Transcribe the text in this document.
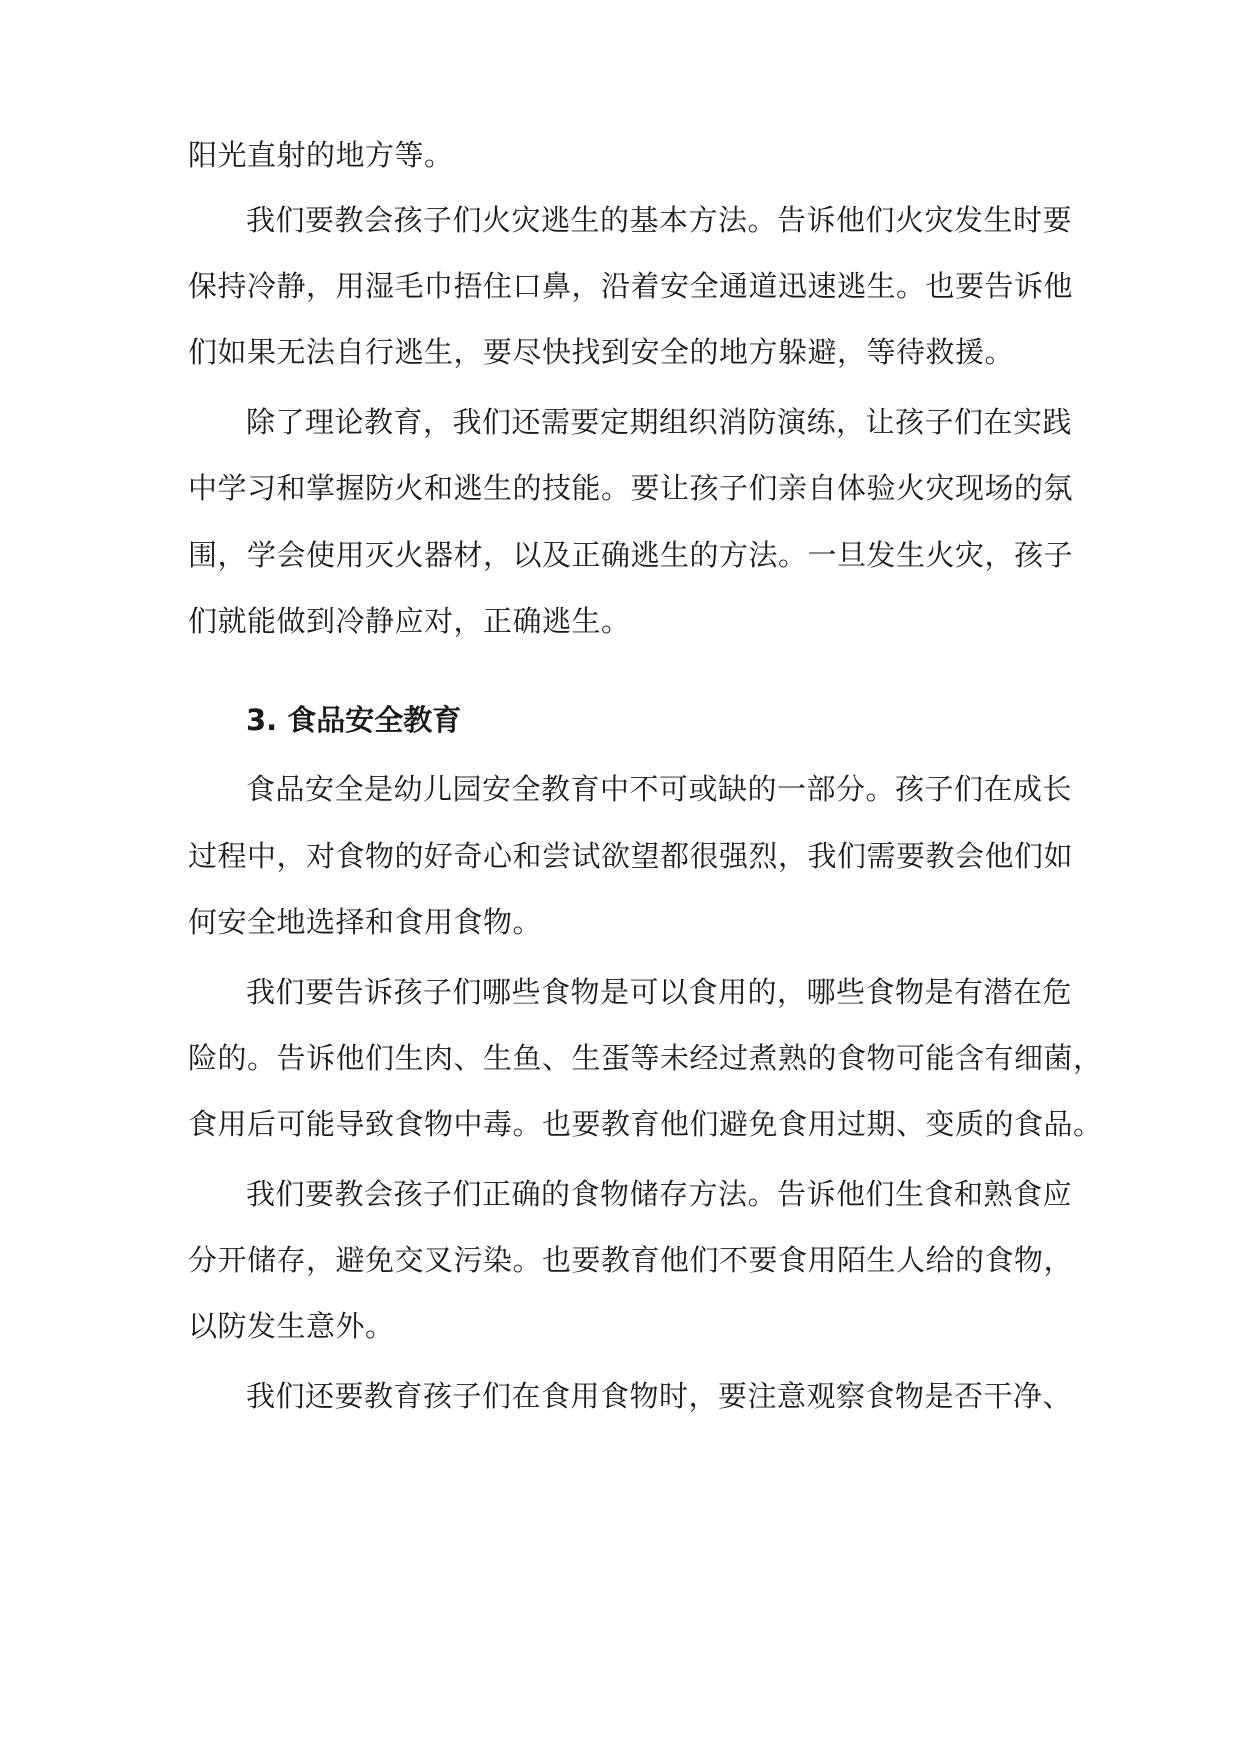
阳光直射的地方等。
我们要教会孩子们火灾逃生的基本方法。告诉他们火灾发生时要
保持冷静，用湿毛巾捂住口鼻，沿着安全通道迅速逃生。也要告诉他
们如果无法自行逃生，要尽快找到安全的地方躲避，等待救援。
除了理论教育，我们还需要定期组织消防演练，让孩子们在实践
中学习和掌握防火和逃生的技能。要让孩子们亲自体验火灾现场的氛
围，学会使用灭火器材，以及正确逃生的方法。一旦发生火灾，孩子
们就能做到冷静应对，正确逃生。
3. 食品安全教育
食品安全是幼儿园安全教育中不可或缺的一部分。孩子们在成长
过程中，对食物的好奇心和尝试欲望都很强烈，我们需要教会他们如
何安全地选择和食用食物。
我们要告诉孩子们哪些食物是可以食用的，哪些食物是有潜在危
险的。告诉他们生肉、生鱼、生蛋等未经过煮熟的食物可能含有细菌，
食用后可能导致食物中毒。也要教育他们避免食用过期、变质的食品。
我们要教会孩子们正确的食物储存方法。告诉他们生食和熟食应
分开储存，避免交叉污染。也要教育他们不要食用陌生人给的食物，
以防发生意外。
我们还要教育孩子们在食用食物时，要注意观察食物是否干净、
